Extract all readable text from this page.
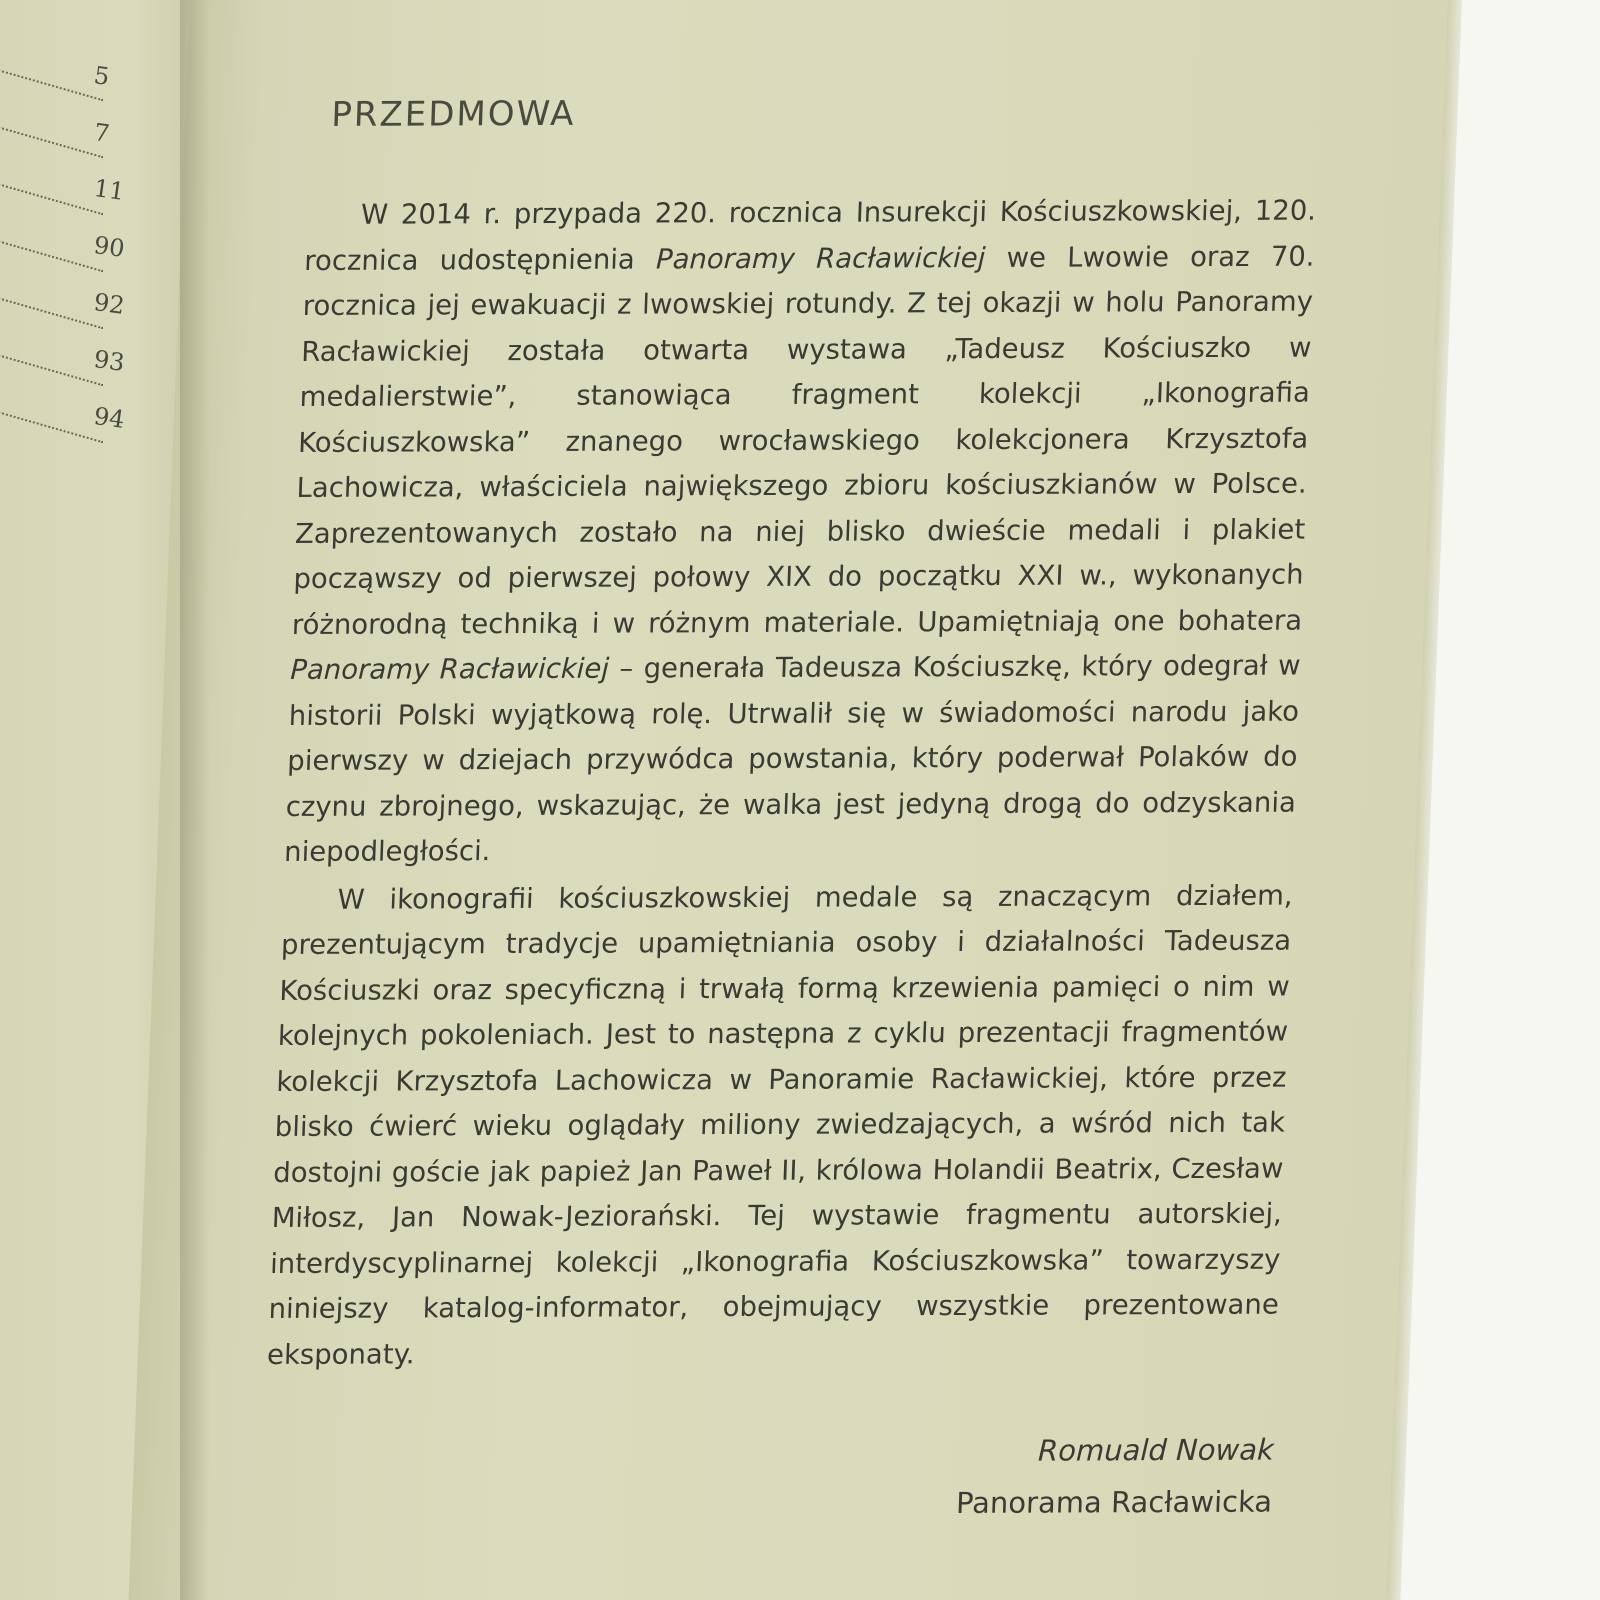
5
7
11
90
92
93
94
PRZEDMOWA

W 2014 r. przypada 220. rocznica Insurekcji Kościuszkowskiej, 120. rocznica udostępnienia Panoramy Racławickiej we Lwowie oraz 70. rocznica jej ewakuacji z lwowskiej rotundy. Z tej okazji w holu Panoramy Racławickiej została otwarta wystawa „Tadeusz Kościuszko w medalierstwie”, stanowiąca fragment kolekcji „Ikonografia Kościuszkowska” znanego wrocławskiego kolekcjonera Krzysztofa Lachowicza, właściciela największego zbioru kościuszkianów w Polsce. Zaprezentowanych zostało na niej blisko dwieście medali i plakiet począwszy od pierwszej połowy XIX do początku XXI w., wykonanych różnorodną techniką i w różnym materiale. Upamiętniają one bohatera Panoramy Racławickiej – generała Tadeusza Kościuszkę, który odegrał w historii Polski wyjątkową rolę. Utrwalił się w świadomości narodu jako pierwszy w dziejach przywódca powstania, który poderwał Polaków do czynu zbrojnego, wskazując, że walka jest jedyną drogą do odzyskania niepodległości.

W ikonografii kościuszkowskiej medale są znaczącym działem, prezentującym tradycje upamiętniania osoby i działalności Tadeusza Kościuszki oraz specyficzną i trwałą formą krzewienia pamięci o nim w kolejnych pokoleniach. Jest to następna z cyklu prezentacji fragmentów kolekcji Krzysztofa Lachowicza w Panoramie Racławickiej, które przez blisko ćwierć wieku oglądały miliony zwiedzających, a wśród nich tak dostojni goście jak papież Jan Paweł II, królowa Holandii Beatrix, Czesław Miłosz, Jan Nowak-Jeziorański. Tej wystawie fragmentu autorskiej, interdyscyplinarnej kolekcji „Ikonografia Kościuszkowska” towarzyszy niniejszy katalog-informator, obejmujący wszystkie prezentowane eksponaty.

Romuald Nowak
Panorama Racławicka
